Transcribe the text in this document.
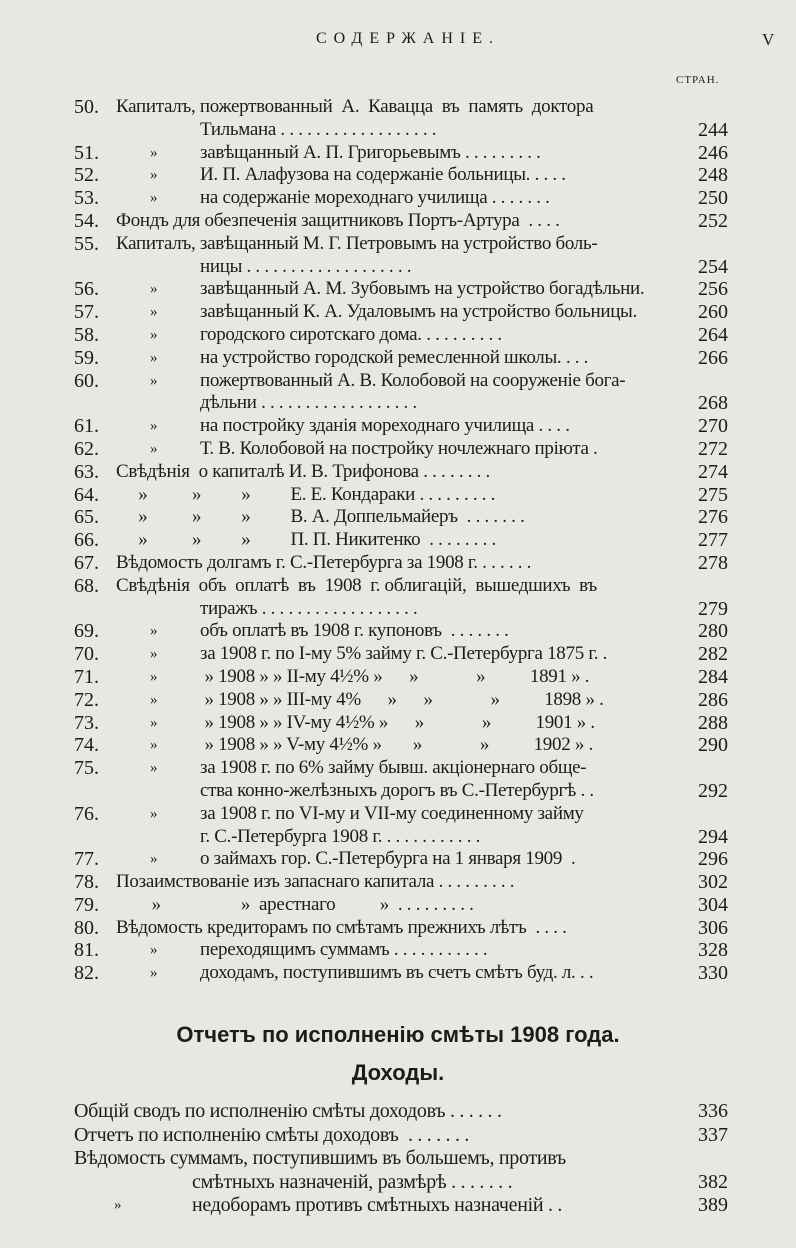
СОДЕРЖАНIЕ.	V
СТРАН.
50. Капиталъ, пожертвованный  А.  Кавацца  въ  память  доктора
Тильмана . . . . . . . . . . . . . . . . . .	244
51.	» завѣщанный А. П. Григорьевымъ . . . . . . . . .	246
52.	» И. П. Алафузова на содержанiе больницы. . . . .	248
53.	» на содержанiе мореходнаго училища . . . . . . .	250
54. Фондъ для обезпеченiя защитниковъ Портъ-Артура  . . . .	252
55. Капиталъ, завѣщанный М. Г. Петровымъ на устройство боль-
ницы . . . . . . . . . . . . . . . . . . .	254
56.	» завѣщанный А. М. Зубовымъ на устройство богадѣльни.	256
57.	» завѣщанный К. А. Удаловымъ на устройство больницы.	260
58.	» городского сиротскаго дома. . . . . . . . . .	264
59.	» на устройство городской ремесленной школы. . . .	266
60.	» пожертвованный А. В. Колобовой на сооруженiе бога-
дѣльни . . . . . . . . . . . . . . . . . .	268
61.	» на постройку зданiя мореходнаго училища . . . .	270
62.	» Т. В. Колобовой на постройку ночлежнаго прiюта .	272
63. Свѣдѣнiя  о капиталѣ И. В. Трифонова . . . . . . . .	274
64. »          »         »         Е. Е. Кондараки . . . . . . . . .	275
65. »          »         »         В. А. Доппельмайеръ  . . . . . . .	276
66. »          »         »         П. П. Никитенко  . . . . . . . .	277
67. Вѣдомость долгамъ г. С.-Петербурга за 1908 г. . . . . . .	278
68. Свѣдѣнiя  объ  оплатѣ  въ  1908  г. облигацiй,  вышедшихъ  въ
тиражъ . . . . . . . . . . . . . . . . . .	279
69.	» объ оплатѣ въ 1908 г. купоновъ  . . . . . . .	280
70.	» за 1908 г. по I-му 5% займу г. С.-Петербурга 1875 г. .	282
71.	» » 1908 » » II-му 4½% »      »             »          1891 » .	284
72.	» » 1908 » » III-му 4%      »      »             »          1898 » .	286
73.	» » 1908 » » IV-му 4½% »      »             »          1901 » .	288
74.	» » 1908 » » V-му 4½% »       »             »          1902 » .	290
75.	» за 1908 г. по 6% займу бывш. акцiонернаго обще-
ства конно-желѣзныхъ дорогъ въ С.-Петербургѣ . .	292
76.	» за 1908 г. по VI-му и VII-му соединенному займу
г. С.-Петербурга 1908 г. . . . . . . . . . . .	294
77.	» о займахъ гор. С.-Петербурга на 1 января 1909  .	296
78. Позаимствованiе изъ запаснаго капитала . . . . . . . . .	302
79. »                  »  арестнаго          »  . . . . . . . . .	304
80. Вѣдомость кредиторамъ по смѣтамъ прежнихъ лѣтъ  . . . .	306
81.	» переходящимъ суммамъ . . . . . . . . . . .	328
82.	» доходамъ, поступившимъ въ счетъ смѣтъ буд. л. . .	330
Отчетъ по исполненiю смѣты 1908 года.
Доходы.
Общiй сводъ по исполненiю смѣты доходовъ . . . . . .	336
Отчетъ по исполненiю смѣты доходовъ  . . . . . . .	337
Вѣдомость суммамъ, поступившимъ въ большемъ, противъ
смѣтныхъ назначенiй, размѣрѣ . . . . . . .	382
»	недоборамъ противъ смѣтныхъ назначенiй . .	389
